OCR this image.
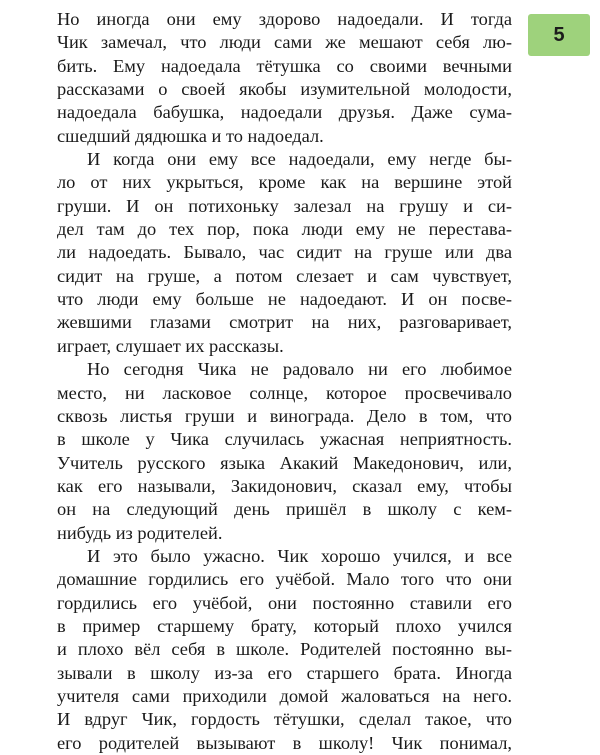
5
Но иногда они ему здорово надоедали. И тогда
Чик замечал, что люди сами же мешают себя лю-
бить. Ему надоедала тётушка со своими вечными
рассказами о своей якобы изумительной молодости,
надоедала бабушка, надоедали друзья. Даже сума-
сшедший дядюшка и то надоедал.
И когда они ему все надоедали, ему негде бы-
ло от них укрыться, кроме как на вершине этой
груши. И он потихоньку залезал на грушу и си-
дел там до тех пор, пока люди ему не переставa-
ли надоедать. Бывало, час сидит на груше или два
сидит на груше, а потом слезает и сам чувствует,
что люди ему больше не надоедают. И он посве-
жевшими глазами смотрит на них, разговаривает,
играет, слушает их рассказы.
Но сегодня Чика не радовало ни его любимое
место, ни ласковое солнце, которое просвечивало
сквозь листья груши и винограда. Дело в том, что
в школе у Чика случилась ужасная неприятность.
Учитель русского языка Акакий Македонович, или,
как его называли, Закидонович, сказал ему, чтобы
он на следующий день пришёл в школу с кем-
нибудь из родителей.
И это было ужасно. Чик хорошо учился, и все
домашние гордились его учёбой. Мало того что они
гордились его учёбой, они постоянно ставили его
в пример старшему брату, который плохо учился
и плохо вёл себя в школе. Родителей постоянно вы-
зывали в школу из-за его старшего брата. Иногда
учителя сами приходили домой жаловаться на него.
И вдруг Чик, гордость тётушки, сделал такое, что
его родителей вызывают в школу! Чик понимал,
